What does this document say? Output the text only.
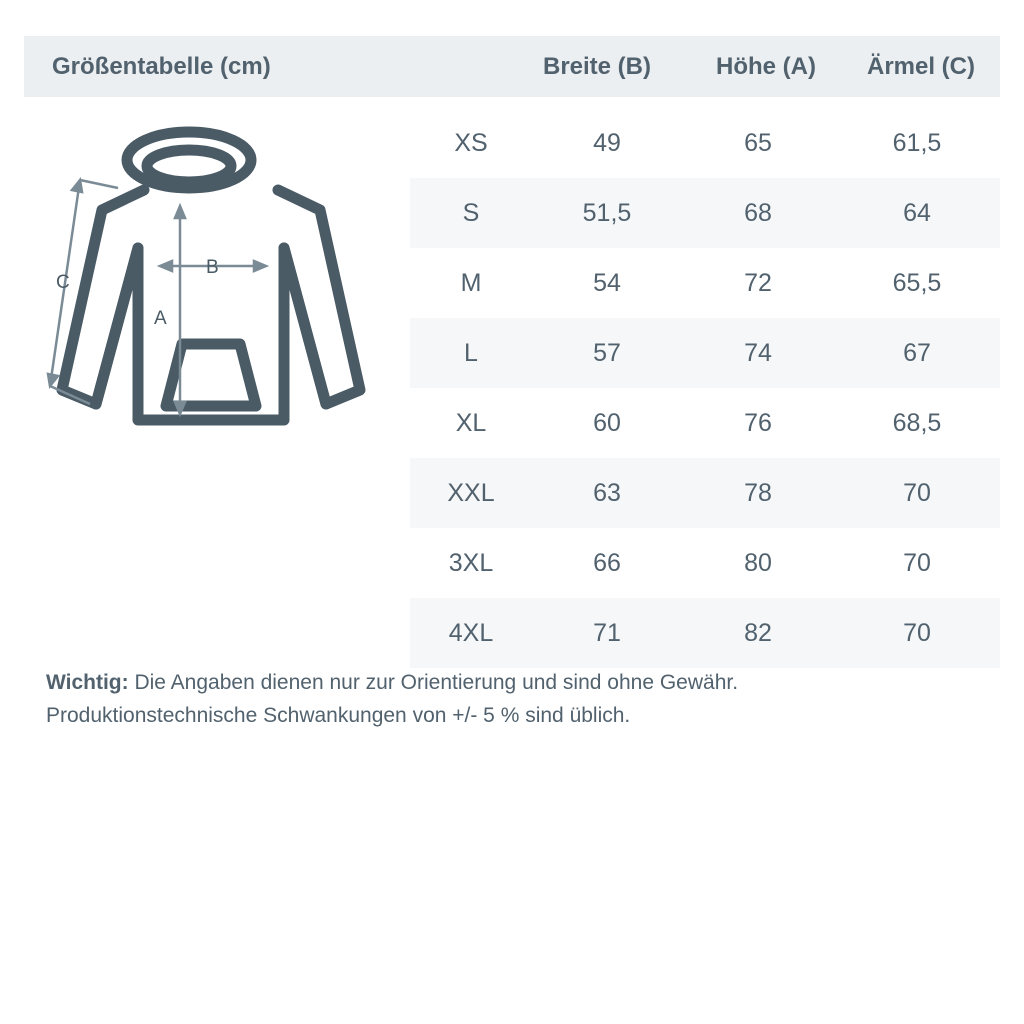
Größentabelle (cm)	Breite (B)	Höhe (A)	Ärmel (C)
XS	49	65	61,5
S	51,5	68	64
M	54	72	65,5
L	57	74	67
XL	60	76	68,5
XXL	63	78	70
3XL	66	80	70
4XL	71	82	70
Wichtig: Die Angaben dienen nur zur Orientierung und sind ohne Gewähr.
Produktionstechnische Schwankungen von +/- 5 % sind üblich.
B
A
C
